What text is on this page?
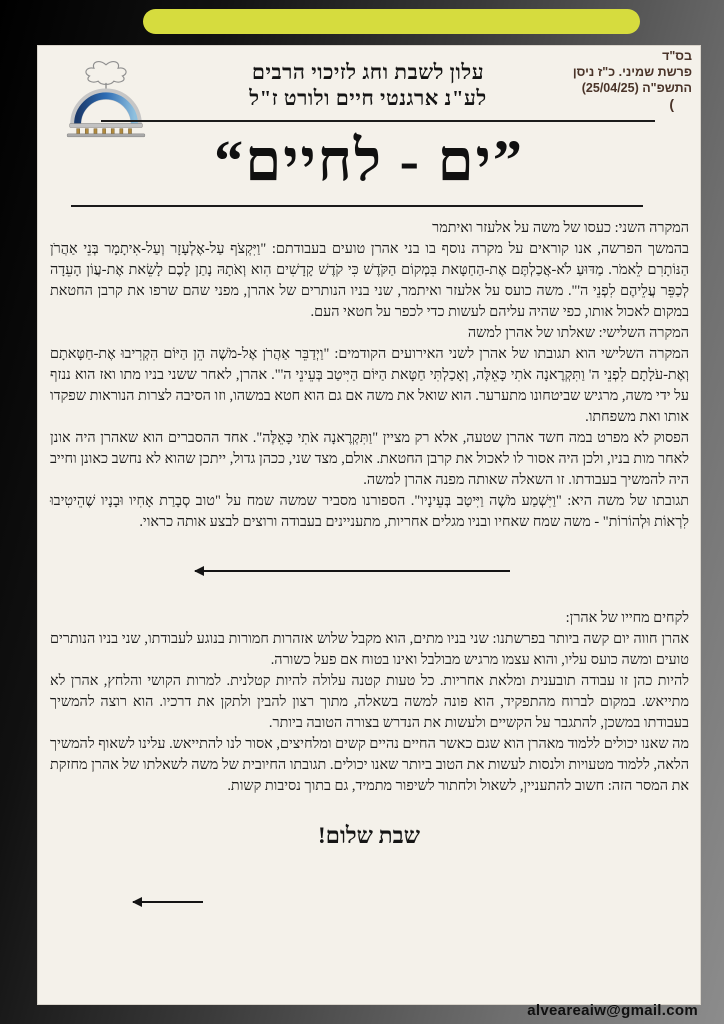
עלון לשבת וחג לזיכוי הרבים
לע"נ ארגנטי חיים ולורט ז"ל
בס"ד
פרשת שמיני. כ"ז ניסן
התשפ"ה (25/04/25)
(
”ים - לחיים“

המקרה השני: כעסו של משה על אלעזר ואיתמר

בהמשך הפרשה, אנו קוראים על מקרה נוסף בו בני אהרן טועים בעבודתם: "וַיִּקְצֹף עַל-אֶלְעָזָר וְעַל-אִיתָמָר בְּנֵי אַהֲרֹן הַנּוֹתָרִם לֵאמֹר. מַדּוּעַ לֹא-אֲכַלְתֶּם אֶת-הַחַטָּאת בִּמְקוֹם הַקֹּדֶשׁ כִּי קֹדֶשׁ קָדָשִׁים הִוא וְאֹתָהּ נָתַן לָכֶם לָשֵׂאת אֶת-עֲוֹן הָעֵדָה לְכַפֵּר עֲלֵיהֶם לִפְנֵי ה'". משה כועס על אלעזר ואיתמר, שני בניו הנותרים של אהרן, מפני שהם שרפו את קרבן החטאת במקום לאכול אותו, כפי שהיה עליהם לעשות כדי לכפר על חטאי העם.

המקרה השלישי: שאלתו של אהרן למשה

המקרה השלישי הוא תגובתו של אהרן לשני האירועים הקודמים: "וַיְדַבֵּר אַהֲרֹן אֶל-מֹשֶׁה הֵן הַיּוֹם הִקְרִיבוּ אֶת-חַטָּאתָם וְאֶת-עֹלָתָם לִפְנֵי ה' וַתִּקְרֶאנָה אֹתִי כָּאֵלֶּה, וְאָכַלְתִּי חַטָּאת הַיּוֹם הַיִּיטַב בְּעֵינֵי ה'". אהרן, לאחר ששני בניו מתו ואז הוא ננזף על ידי משה, מרגיש שביטחונו מתערער. הוא שואל את משה אם גם הוא חטא במשהו, וזו הסיבה לצרות הנוראות שפקדו אותו ואת משפחתו.

הפסוק לא מפרט במה חשד אהרן שטעה, אלא רק מציין "וַתִּקְרֶאנָה אֹתִי כָּאֵלֶּה". אחד ההסברים הוא שאהרן היה אונן לאחר מות בניו, ולכן היה אסור לו לאכול את קרבן החטאת. אולם, מצד שני, ככהן גדול, ייתכן שהוא לא נחשב כאונן וחייב היה להמשיך בעבודתו. זו השאלה שאותה מפנה אהרן למשה.

תגובתו של משה היא: "וַיִּשְׁמַע מֹשֶׁה וַיִּיטַב בְּעֵינָיו". הספורנו מסביר שמשה שמח על "טוב סְבָרַת אָחִיו וּבָנָיו שֶׁהֵיטִיבוּ לִרְאוֹת וּלְהוֹרוֹת" - משה שמח שאחיו ובניו מגלים אחריות, מתעניינים בעבודה ורוצים לבצע אותה כראוי.

לקחים מחייו של אהרן:

אהרן חווה יום קשה ביותר בפרשתנו: שני בניו מתים, הוא מקבל שלוש אזהרות חמורות בנוגע לעבודתו, שני בניו הנותרים טועים ומשה כועס עליו, והוא עצמו מרגיש מבולבל ואינו בטוח אם פעל כשורה.

להיות כהן זו עבודה תובענית ומלאת אחריות. כל טעות קטנה עלולה להיות קטלנית. למרות הקושי והלחץ, אהרן לא מתייאש. במקום לברוח מהתפקיד, הוא פונה למשה בשאלה, מתוך רצון להבין ולתקן את דרכיו. הוא רוצה להמשיך בעבודתו במשכן, להתגבר על הקשיים ולעשות את הנדרש בצורה הטובה ביותר.

מה שאנו יכולים ללמוד מאהרן הוא שגם כאשר החיים נהיים קשים ומלחיצים, אסור לנו להתייאש. עלינו לשאוף להמשיך הלאה, ללמוד מטעויות ולנסות לעשות את הטוב ביותר שאנו יכולים. תגובתו החיובית של משה לשאלתו של אהרן מחזקת את המסר הזה: חשוב להתעניין, לשאול ולחתור לשיפור מתמיד, גם בתוך נסיבות קשות.

שבת שלום!
alveareaiw@gmail.com
